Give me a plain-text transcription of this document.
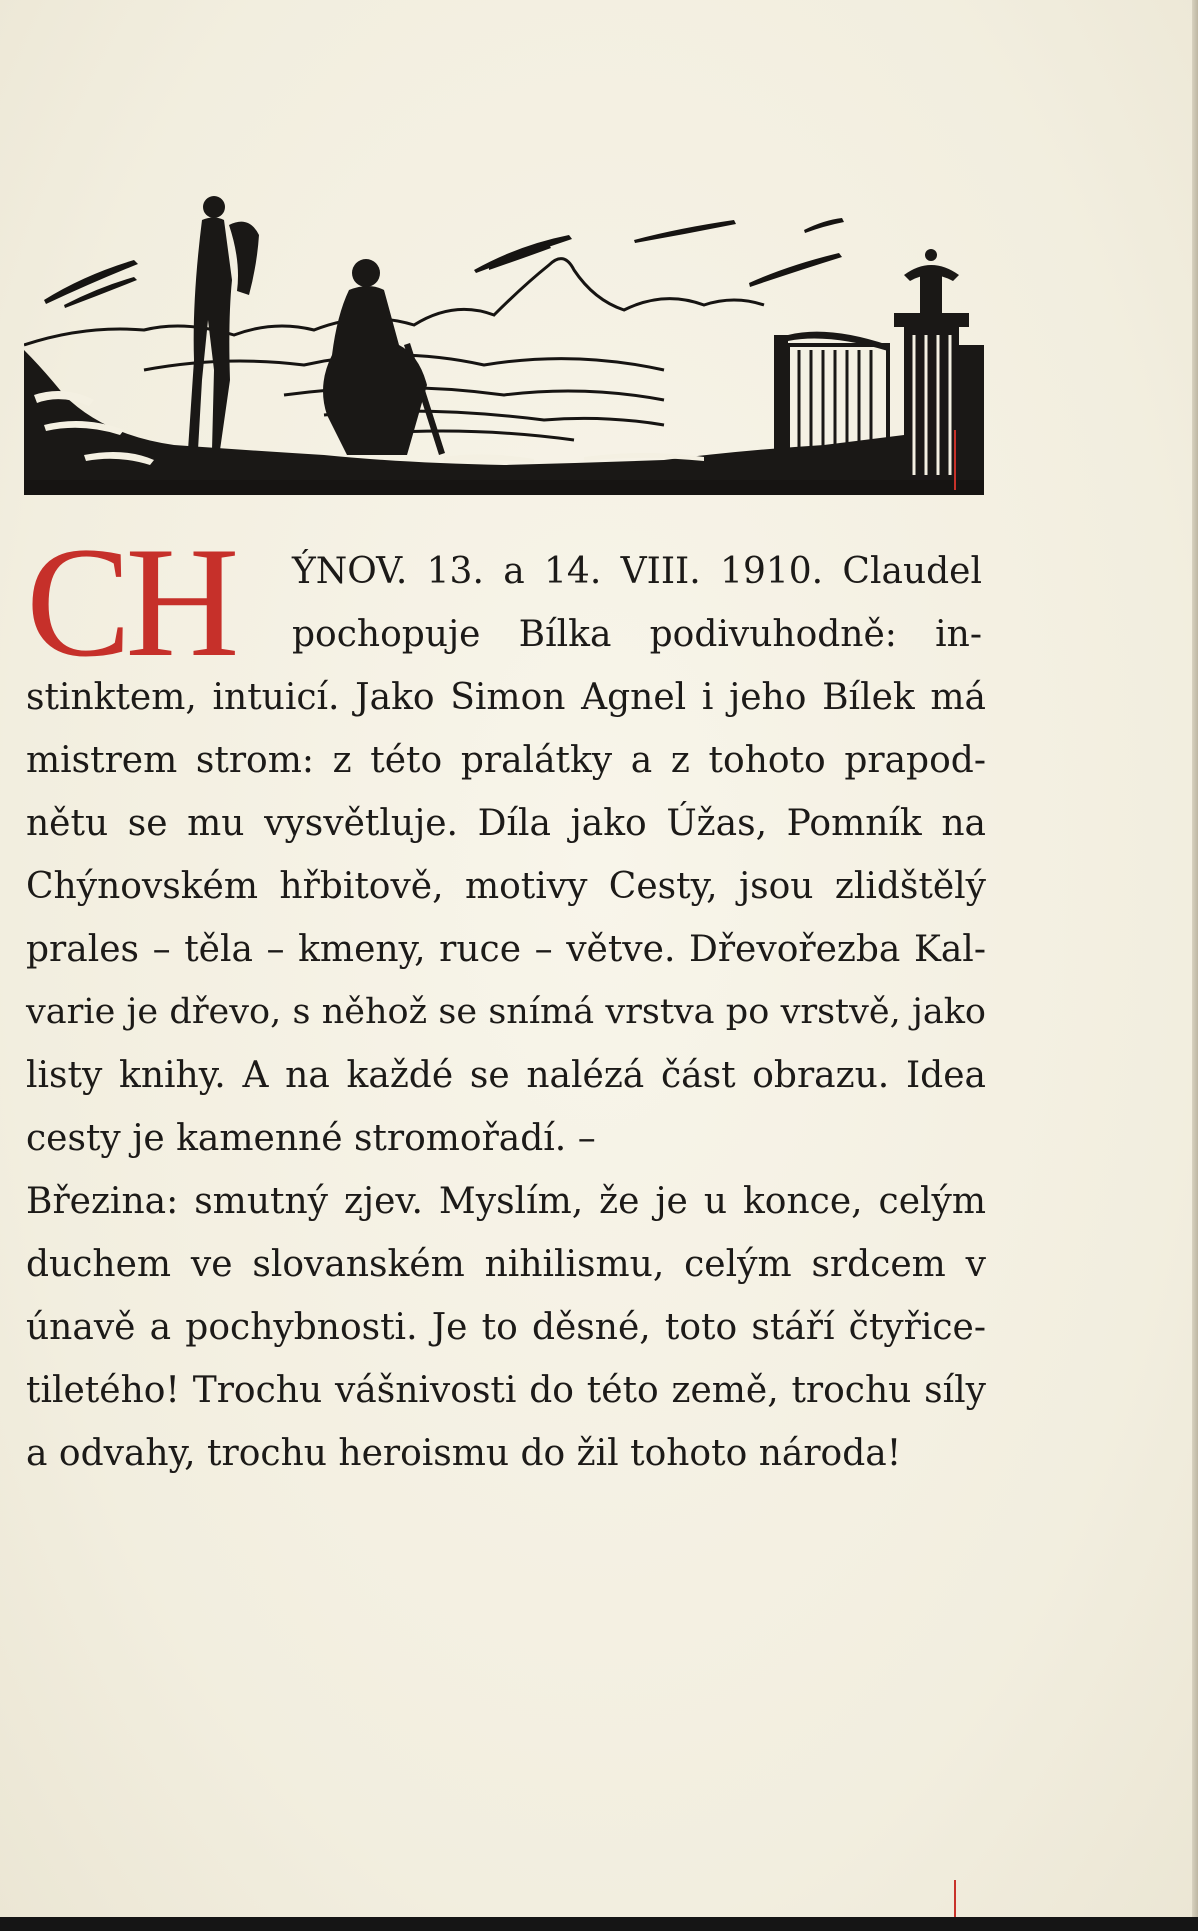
CH ÝNOV. 13. a 14. VIII. 1910. Claudel
pochopuje Bílka podivuhodně: in-
stinktem, intuicí. Jako Simon Agnel i jeho Bílek má
mistrem strom: z této pralátky a z tohoto prapod-
nětu se mu vysvětluje. Díla jako Úžas, Pomník na
Chýnovském hřbitově, motivy Cesty, jsou zlidštělý
prales – těla – kmeny, ruce – větve. Dřevořezba Kal-
varie je dřevo, s něhož se snímá vrstva po vrstvě, jako
listy knihy. A na každé se nalézá část obrazu. Idea
cesty je kamenné stromořadí. –
Březina: smutný zjev. Myslím, že je u konce, celým
duchem ve slovanském nihilismu, celým srdcem v
únavě a pochybnosti. Je to děsné, toto stáří čtyřice-
tiletého! Trochu vášnivosti do této země, trochu síly
a odvahy, trochu heroismu do žil tohoto národa!
